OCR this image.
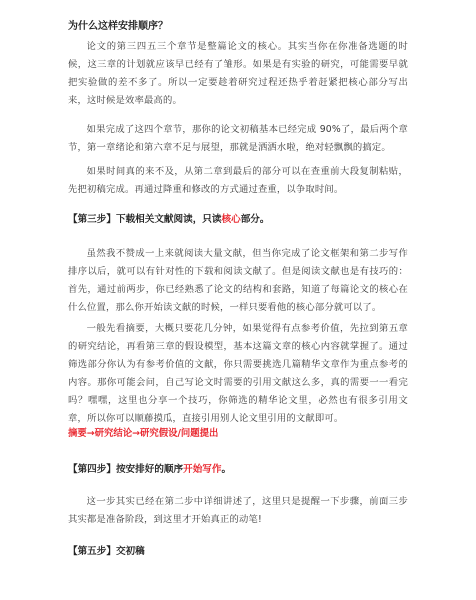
为什么这样安排顺序？

论文的第三四五三个章节是整篇论文的核心。其实当你在你准备选题的时候，这三章的计划就应该早已经有了雏形。如果是有实验的研究，可能需要早就把实验做的差不多了。所以一定要趁着研究过程还热乎着赶紧把核心部分写出来，这时候是效率最高的。

如果完成了这四个章节，那你的论文初稿基本已经完成 90%了，最后两个章节，第一章绪论和第六章不足与展望，那就是洒洒水啦，绝对轻飘飘的搞定。

如果时间真的来不及，从第二章到最后的部分可以在查重前大段复制粘贴，先把初稿完成。再通过降重和修改的方式通过查重，以争取时间。

【第三步】下载相关文献阅读，只读核心部分。

虽然我不赞成一上来就阅读大量文献，但当你完成了论文框架和第二步写作排序以后，就可以有针对性的下载和阅读文献了。但是阅读文献也是有技巧的：首先，通过前两步，你已经熟悉了论文的结构和套路，知道了每篇论文的核心在什么位置，那么你开始读文献的时候，一样只要看他的核心部分就可以了。

一般先看摘要，大概只要花几分钟，如果觉得有点参考价值，先拉到第五章的研究结论，再看第三章的假设模型，基本这篇文章的核心内容就掌握了。通过筛选部分你认为有参考价值的文献，你只需要挑选几篇精华文章作为重点参考的内容。那你可能会问，自己写论文时需要的引用文献这么多，真的需要一一看完吗？嘿嘿，这里也分享一个技巧，你筛选的精华论文里，必然也有很多引用文章，所以你可以顺藤摸瓜，直接引用别人论文里引用的文献即可。

摘要→研究结论→研究假设/问题提出
【第四步】按安排好的顺序开始写作。

这一步其实已经在第二步中详细讲述了，这里只是提醒一下步骤，前面三步其实都是准备阶段，到这里才开始真正的动笔!

【第五步】交初稿
